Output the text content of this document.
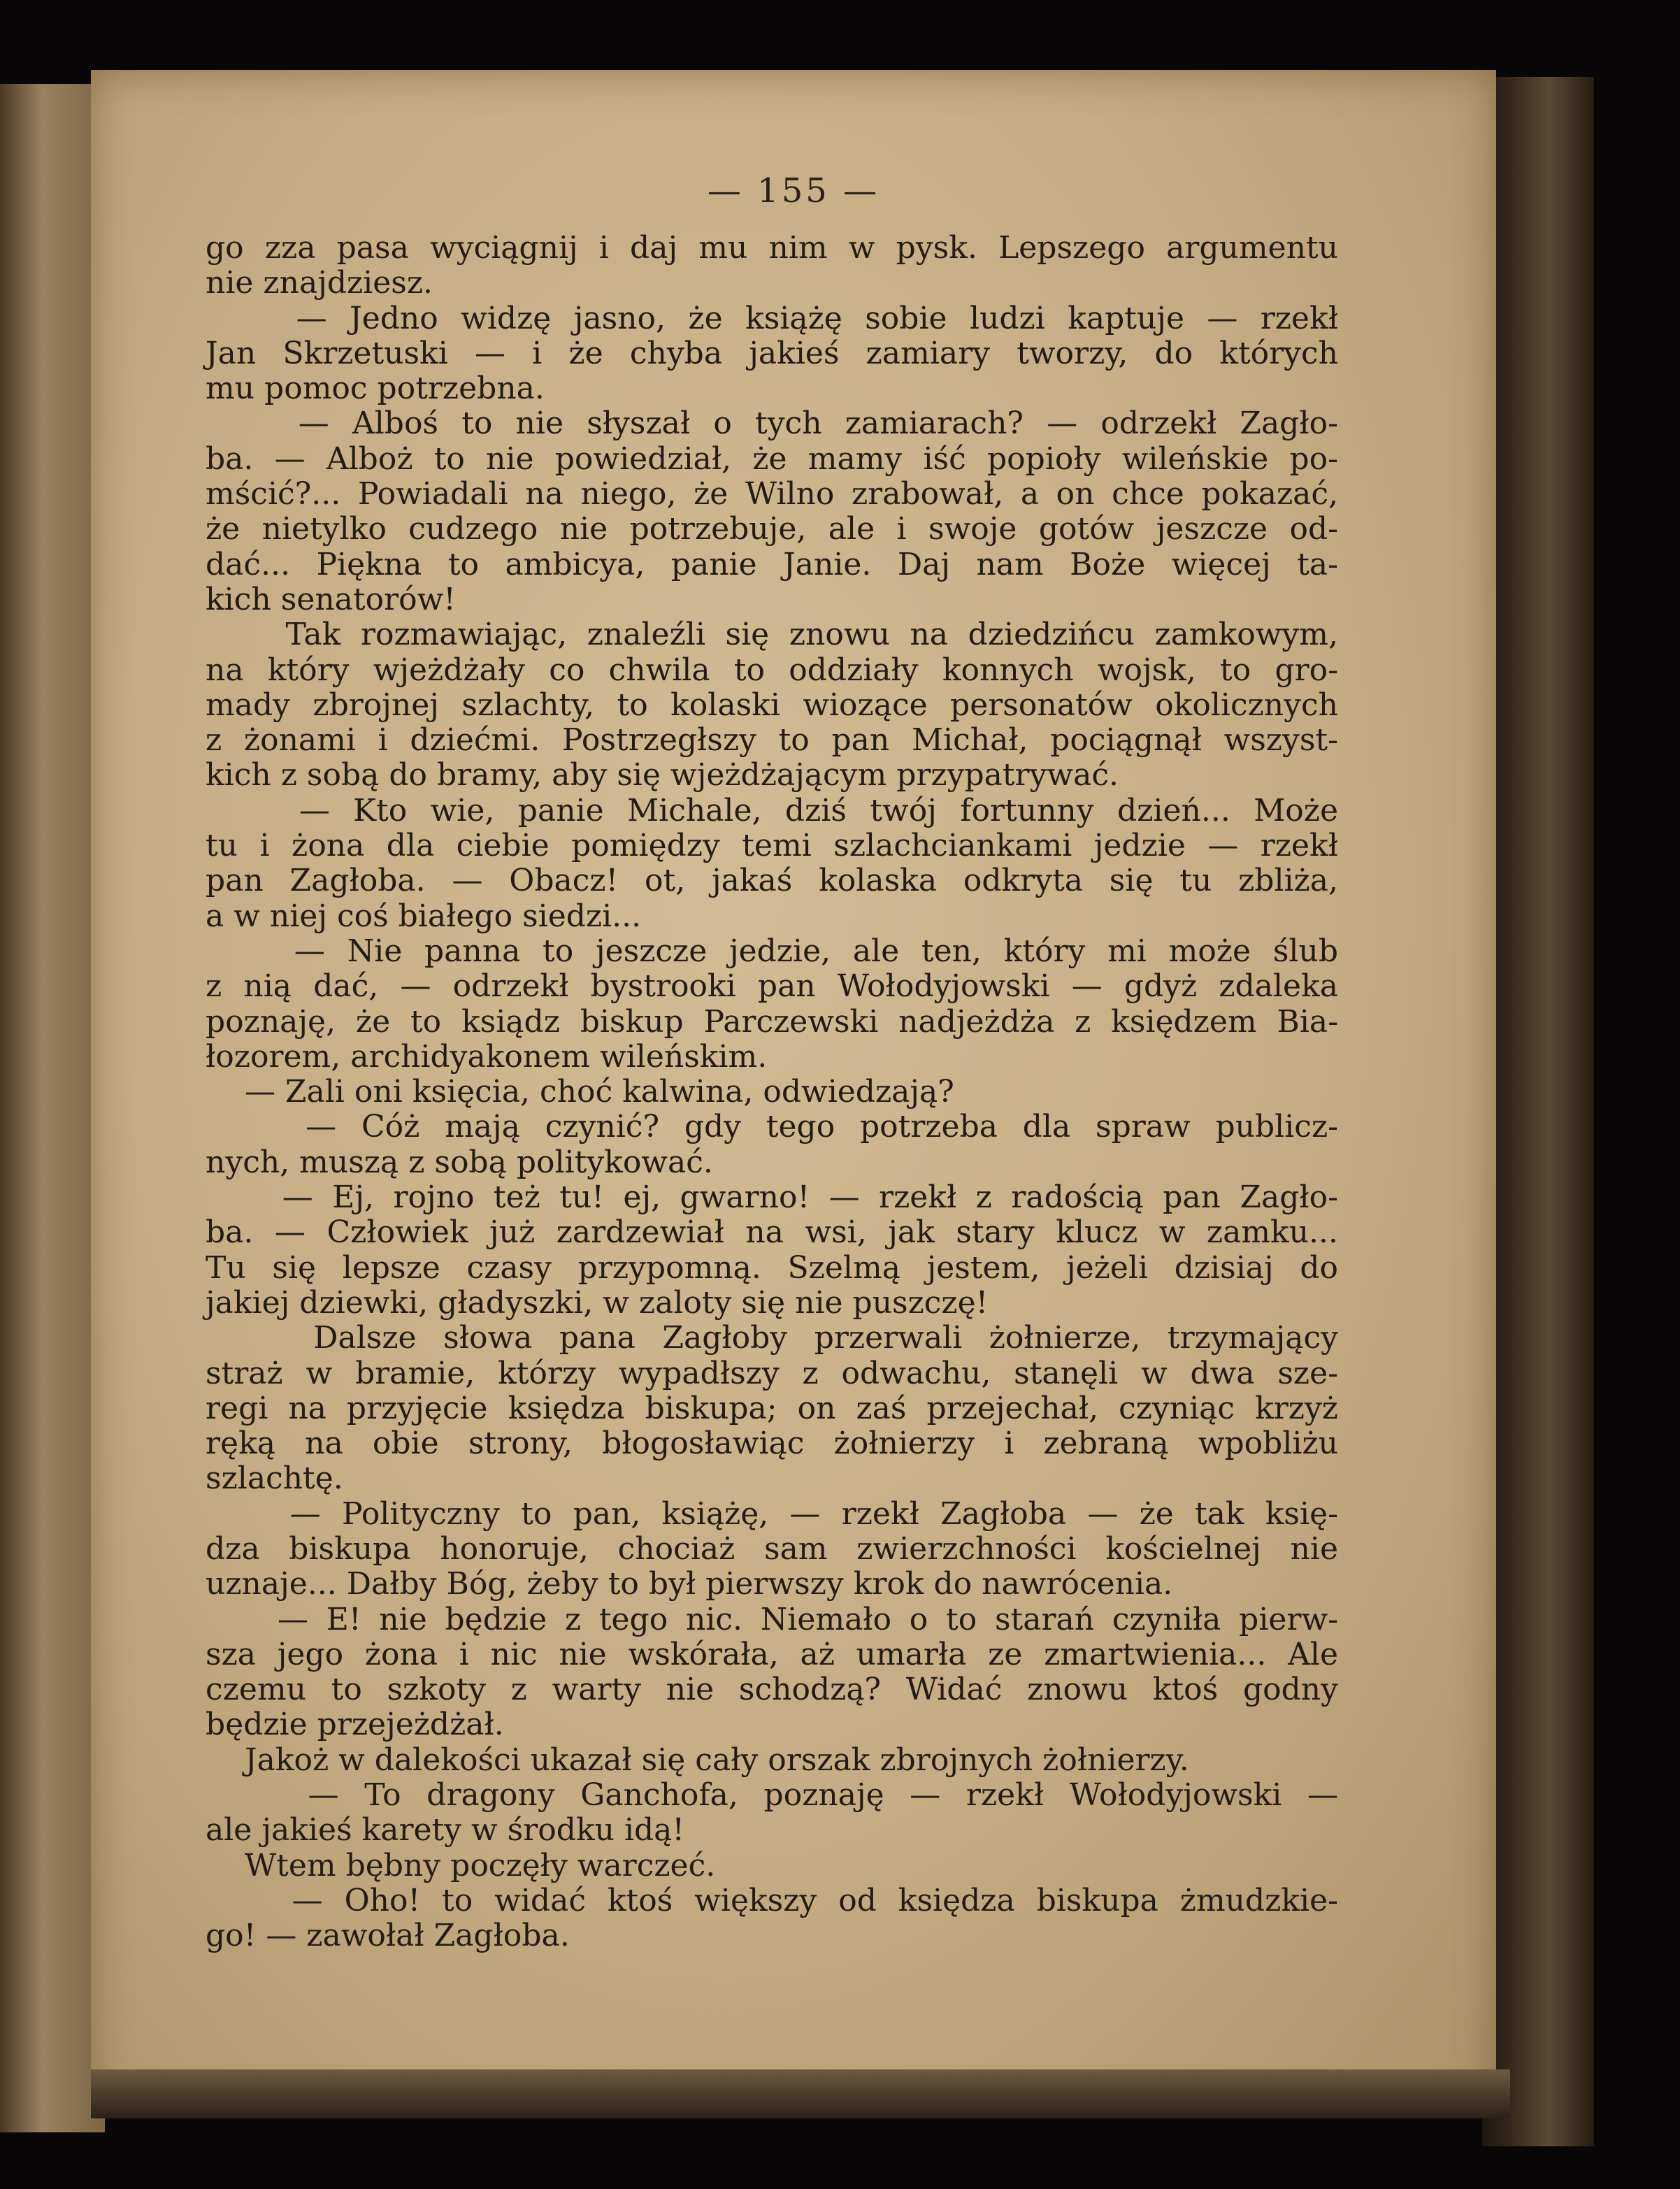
— 155 —
go zza pasa wyciągnij i daj mu nim w pysk. Lepszego argumentu
nie znajdziesz.
— Jedno widzę jasno, że książę sobie ludzi kaptuje — rzekł
Jan Skrzetuski — i że chyba jakieś zamiary tworzy, do których
mu pomoc potrzebna.
— Alboś to nie słyszał o tych zamiarach? — odrzekł Zagło-
ba. — Alboż to nie powiedział, że mamy iść popioły wileńskie po-
mścić?... Powiadali na niego, że Wilno zrabował, a on chce pokazać,
że nietylko cudzego nie potrzebuje, ale i swoje gotów jeszcze od-
dać... Piękna to ambicya, panie Janie. Daj nam Boże więcej ta-
kich senatorów!
Tak rozmawiając, znaleźli się znowu na dziedzińcu zamkowym,
na który wjeżdżały co chwila to oddziały konnych wojsk, to gro-
mady zbrojnej szlachty, to kolaski wiozące personatów okolicznych
z żonami i dziećmi. Postrzegłszy to pan Michał, pociągnął wszyst-
kich z sobą do bramy, aby się wjeżdżającym przypatrywać.
— Kto wie, panie Michale, dziś twój fortunny dzień... Może
tu i żona dla ciebie pomiędzy temi szlachciankami jedzie — rzekł
pan Zagłoba. — Obacz! ot, jakaś kolaska odkryta się tu zbliża,
a w niej coś białego siedzi...
— Nie panna to jeszcze jedzie, ale ten, który mi może ślub
z nią dać, — odrzekł bystrooki pan Wołodyjowski — gdyż zdaleka
poznaję, że to ksiądz biskup Parczewski nadjeżdża z księdzem Bia-
łozorem, archidyakonem wileńskim.
— Zali oni księcia, choć kalwina, odwiedzają?
— Cóż mają czynić? gdy tego potrzeba dla spraw publicz-
nych, muszą z sobą politykować.
— Ej, rojno też tu! ej, gwarno! — rzekł z radością pan Zagło-
ba. — Człowiek już zardzewiał na wsi, jak stary klucz w zamku...
Tu się lepsze czasy przypomną. Szelmą jestem, jeżeli dzisiaj do
jakiej dziewki, gładyszki, w zaloty się nie puszczę!
Dalsze słowa pana Zagłoby przerwali żołnierze, trzymający
straż w bramie, którzy wypadłszy z odwachu, stanęli w dwa sze-
regi na przyjęcie księdza biskupa; on zaś przejechał, czyniąc krzyż
ręką na obie strony, błogosławiąc żołnierzy i zebraną wpobliżu
szlachtę.
— Polityczny to pan, książę, — rzekł Zagłoba — że tak księ-
dza biskupa honoruje, chociaż sam zwierzchności kościelnej nie
uznaje... Dałby Bóg, żeby to był pierwszy krok do nawrócenia.
— E! nie będzie z tego nic. Niemało o to starań czyniła pierw-
sza jego żona i nic nie wskórała, aż umarła ze zmartwienia... Ale
czemu to szkoty z warty nie schodzą? Widać znowu ktoś godny
będzie przejeżdżał.
Jakoż w dalekości ukazał się cały orszak zbrojnych żołnierzy.
— To dragony Ganchofa, poznaję — rzekł Wołodyjowski —
ale jakieś karety w środku idą!
Wtem bębny poczęły warczeć.
— Oho! to widać ktoś większy od księdza biskupa żmudzkie-
go! — zawołał Zagłoba.
